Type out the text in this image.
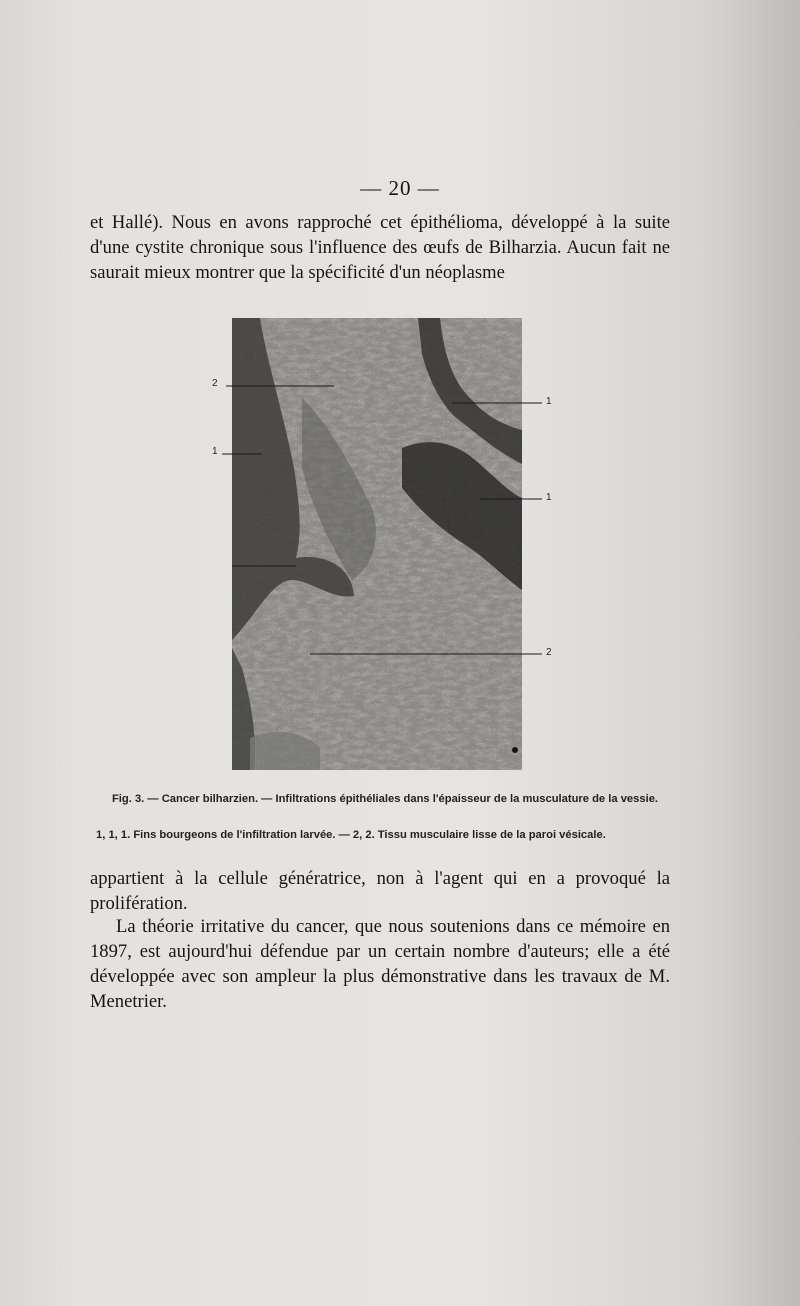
— 20 —

et Hallé). Nous en avons rapproché cet épithélioma, développé à la suite d'une cystite chronique sous l'influence des œufs de Bilharzia. Aucun fait ne saurait mieux montrer que la spécificité d'un néoplasme

2
1
1
1
2

Fig. 3. — Cancer bilharzien. — Infiltrations épithéliales dans l'épaisseur de la musculature de la vessie.

1, 1, 1. Fins bourgeons de l'infiltration larvée. — 2, 2. Tissu musculaire lisse de la paroi vésicale.

appartient à la cellule génératrice, non à l'agent qui en a provoqué la prolifération.

La théorie irritative du cancer, que nous soutenions dans ce mémoire en 1897, est aujourd'hui défendue par un certain nombre d'auteurs; elle a été développée avec son ampleur la plus démonstrative dans les travaux de M. Menetrier.
